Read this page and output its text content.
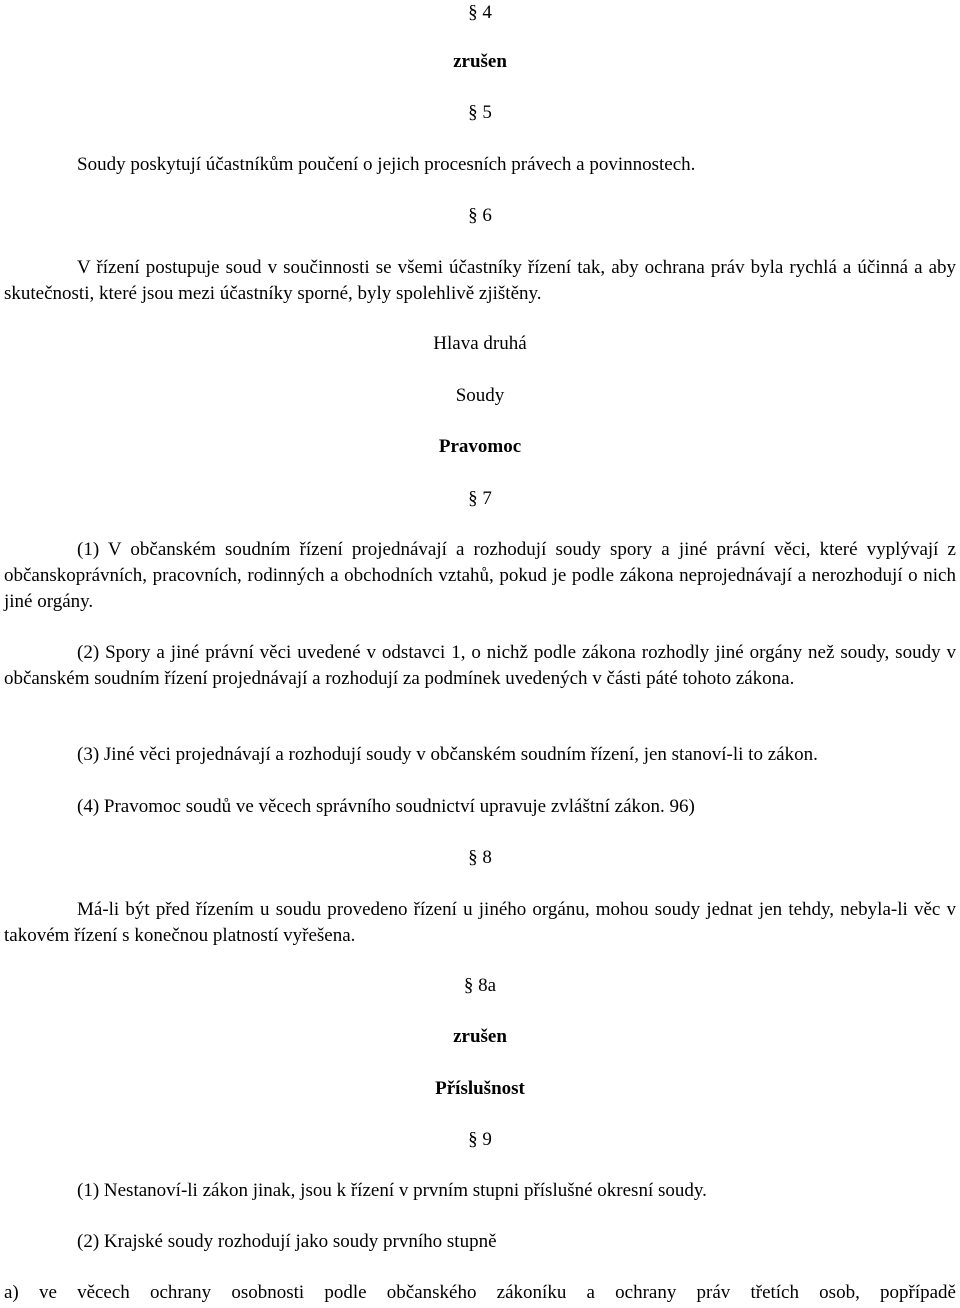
§ 4
zrušen
§ 5
Soudy poskytují účastníkům poučení o jejich procesních právech a povinnostech.
§ 6
V řízení postupuje soud v součinnosti se všemi účastníky řízení tak, aby ochrana práv byla rychlá a účinná a aby skutečnosti, které jsou mezi účastníky sporné, byly spolehlivě zjištěny.
Hlava druhá
Soudy
Pravomoc
§ 7
(1) V občanském soudním řízení projednávají a rozhodují soudy spory a jiné právní věci, které vyplývají z občanskoprávních, pracovních, rodinných a obchodních vztahů, pokud je podle zákona neprojednávají a nerozhodují o nich jiné orgány.
(2) Spory a jiné právní věci uvedené v odstavci 1, o nichž podle zákona rozhodly jiné orgány než soudy, soudy v občanském soudním řízení projednávají a rozhodují za podmínek uvedených v části páté tohoto zákona.
(3) Jiné věci projednávají a rozhodují soudy v občanském soudním řízení, jen stanoví-li to zákon.
(4) Pravomoc soudů ve věcech správního soudnictví upravuje zvláštní zákon. 96)
§ 8
Má-li být před řízením u soudu provedeno řízení u jiného orgánu, mohou soudy jednat jen tehdy, nebyla-li věc v takovém řízení s konečnou platností vyřešena.
§ 8a
zrušen
Příslušnost
§ 9
(1) Nestanoví-li zákon jinak, jsou k řízení v prvním stupni příslušné okresní soudy.
(2) Krajské soudy rozhodují jako soudy prvního stupně
a) ve věcech ochrany osobnosti podle občanského zákoníku a ochrany práv třetích osob, popřípadě
